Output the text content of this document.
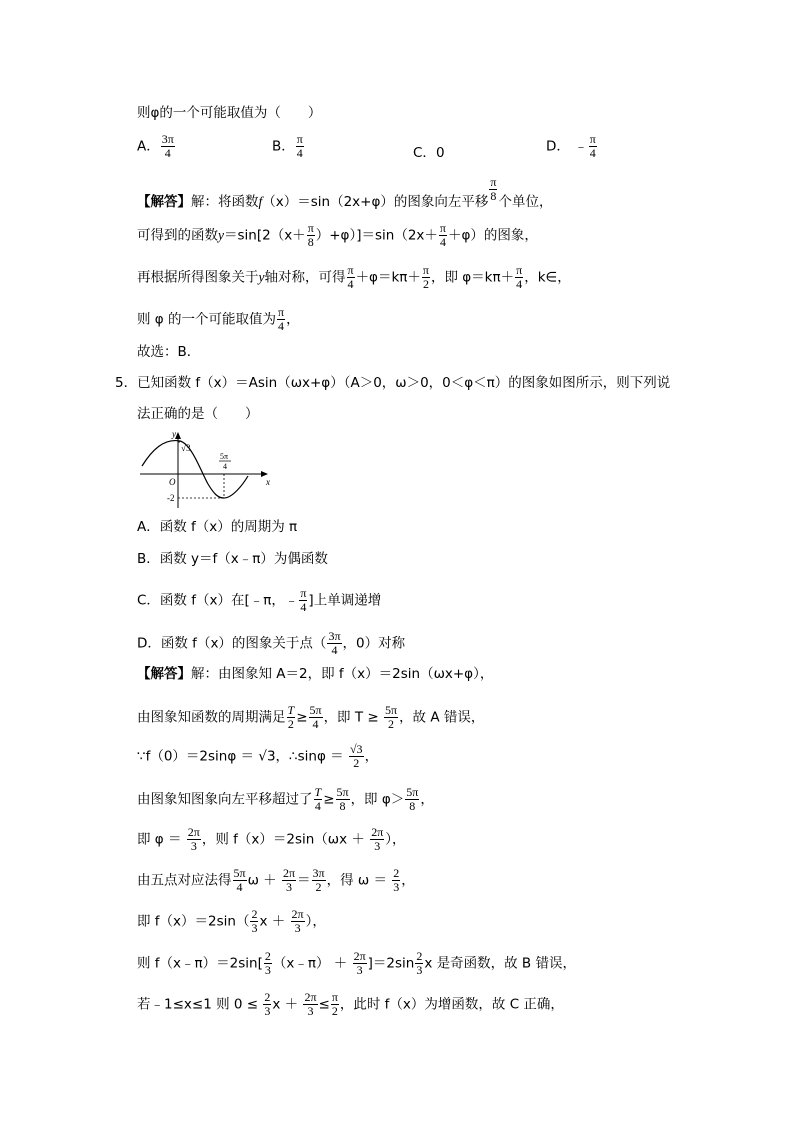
则φ的一个可能取值为（　　）
A． $\frac{3\pi}{4}$	B． $\frac{\pi}{4}$	C．0	D． ﹣ $\frac{\pi}{4}$
【解答】解：将函数f（x）＝sin（2x+φ）的图象向左平移 $\frac{\pi}{8}$ 个单位，
可得到的函数$y=\sin[2(x+ \frac{\pi}{8} )+\varphi)]=\sin(2x+ \frac{\pi}{4} +\varphi)$的图象，
再根据所得图象关于y轴对称，可得 $\frac{\pi}{4} +\varphi=k\pi+ \frac{\pi}{2}$ ，即 $\varphi=k\pi+ \frac{\pi}{4}$ ，k∈，
则 φ 的一个可能取值为 $\frac{\pi}{4}$ ，
故选：B．
5．已知函数 f（x）＝Asin（ωx+φ）（A＞0，ω＞0，0＜φ＜π）的图象如图所示，则下列说
法正确的是（　　）
y
x
O
√3
-2
5π
4
A．函数 f（x）的周期为 π
B．函数 y＝f（x﹣π）为偶函数
C．函数 f（x）在[﹣π，﹣ $\frac{\pi}{4}$ ]上单调递增
D．函数 f（x）的图象关于点（ $\frac{3\pi}{4}$ ，0）对称
【解答】解：由图象知 A＝2，即 f（x）＝2sin（ωx+φ），
由图象知函数的周期满足 $\frac{T}{2} \ge \frac{5\pi}{4}$ ，即 $T \ge \frac{5\pi}{2}$ ，故 A 错误，
∵f（0）＝2sinφ ＝ √3，∴sinφ ＝ $\frac{√3}{2}$ ，
由图象知图象向左平移超过了 $\frac{T}{4} \ge \frac{5\pi}{8}$ ，即 $\varphi> \frac{5\pi}{8}$ ，
即 $\varphi = \frac{2\pi}{3}$ ，则 $f(x)=2\sin(\omega x + \frac{2\pi}{3}$ ），
由五点对应法得 $\frac{5\pi}{4}$ $\omega + \frac{2\pi}{3} = \frac{3\pi}{2}$ ，得 $\omega = \frac{2}{3}$ ，
即 $f(x)=2\sin( \frac{2}{3}$ $x + \frac{2\pi}{3}$ ），
则 f（x﹣π）＝2sin[ $\frac{2}{3}$ （x﹣π） ＋ $\frac{2\pi}{3} ]=2\sin \frac{2}{3}$ x 是奇函数，故 B 错误，
若﹣1≤x≤1 则 $0 \le \frac{2}{3}$ $x + \frac{2\pi}{3} \le \frac{\pi}{2}$ ，此时 f（x）为增函数，故 C 正确，
